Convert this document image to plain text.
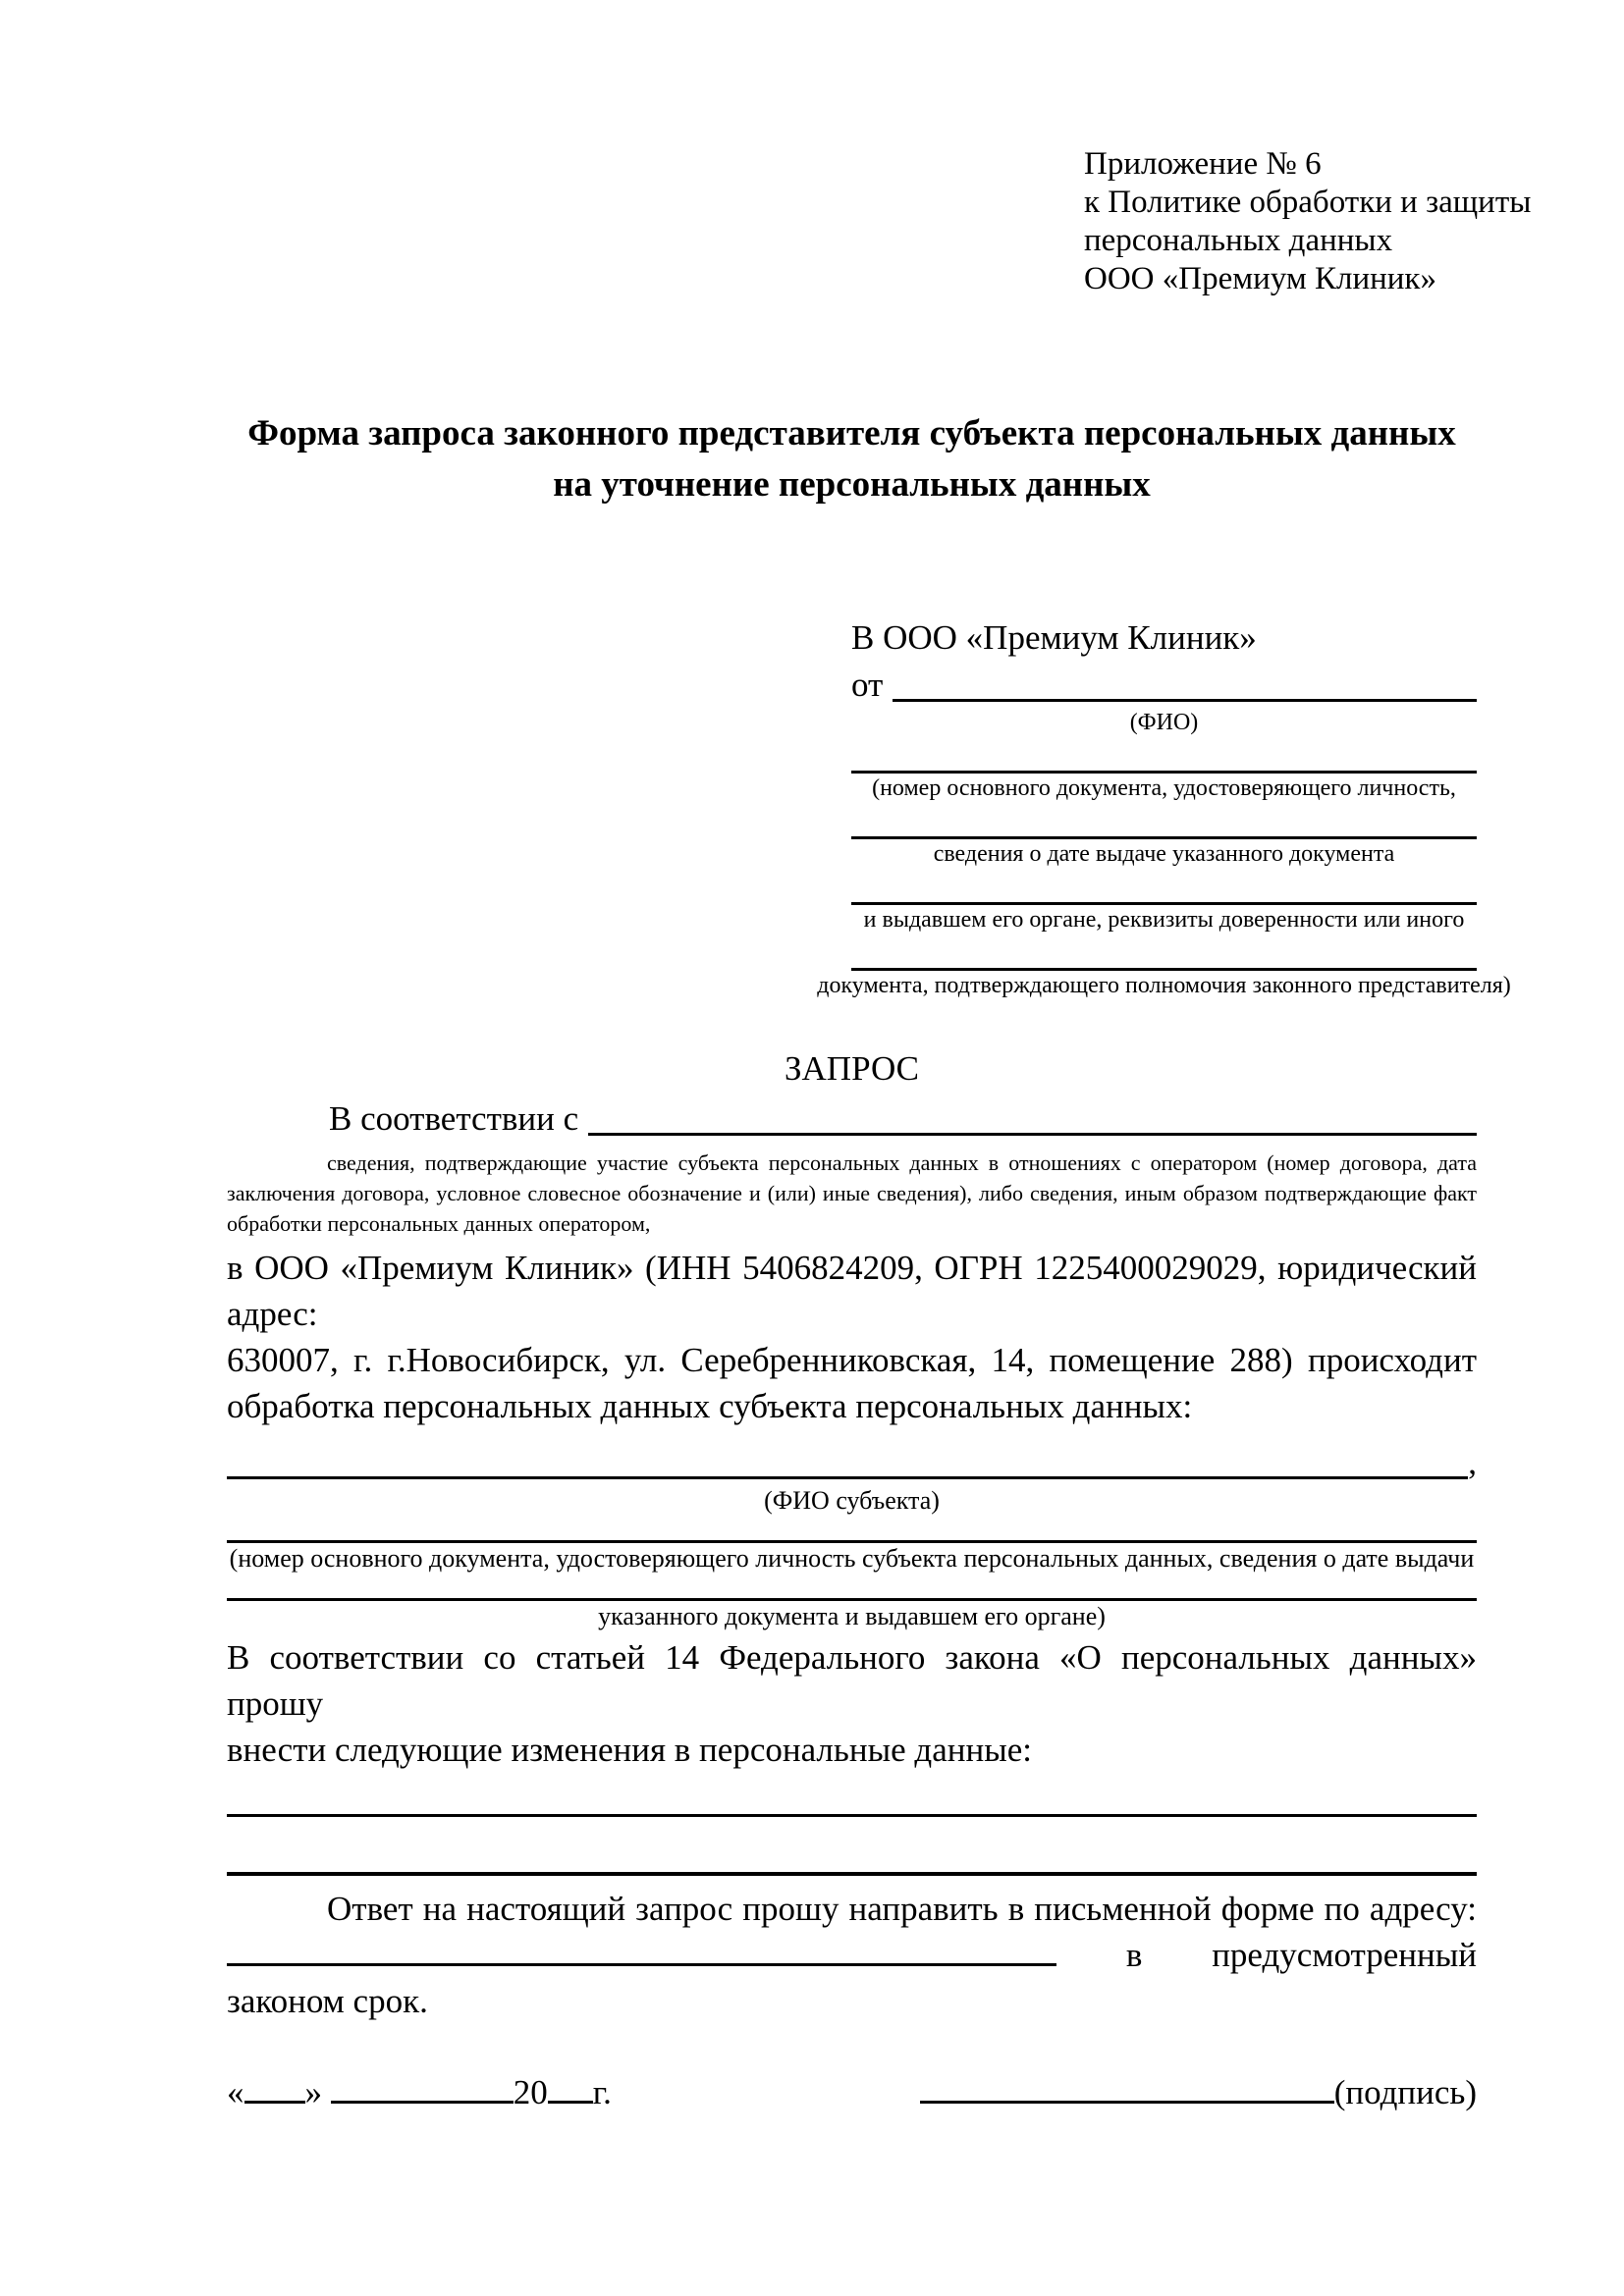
Приложение № 6
к Политике обработки и защиты
персональных данных
ООО «Премиум Клиник»
Форма запроса законного представителя субъекта персональных данных
на уточнение персональных данных
В ООО «Премиум Клиник»
от
(ФИО)
(номер основного документа, удостоверяющего личность,
сведения о дате выдаче указанного документа
и выдавшем его органе, реквизиты доверенности или иного
документа, подтверждающего полномочия законного представителя)
ЗАПРОС
В соответствии с
сведения, подтверждающие участие субъекта персональных данных в отношениях с оператором (номер договора, дата
заключения договора, условное словесное обозначение и (или) иные сведения), либо сведения, иным образом подтверждающие факт
обработки персональных данных оператором,
в ООО «Премиум Клиник» (ИНН 5406824209, ОГРН 1225400029029, юридический адрес:
630007, г. г.Новосибирск, ул. Серебренниковская, 14, помещение 288) происходит
обработка персональных данных субъекта персональных данных:
,
(ФИО субъекта)
(номер основного документа, удостоверяющего личность субъекта персональных данных, сведения о дате выдачи
указанного документа и выдавшем его органе)
В соответствии со статьей 14 Федерального закона «О персональных данных» прошу
внести следующие изменения в персональные данные:
Ответ на настоящий запрос прошу направить в письменной форме по адресу:
в предусмотренный
законом срок.
« »	20 г.	(подпись)
